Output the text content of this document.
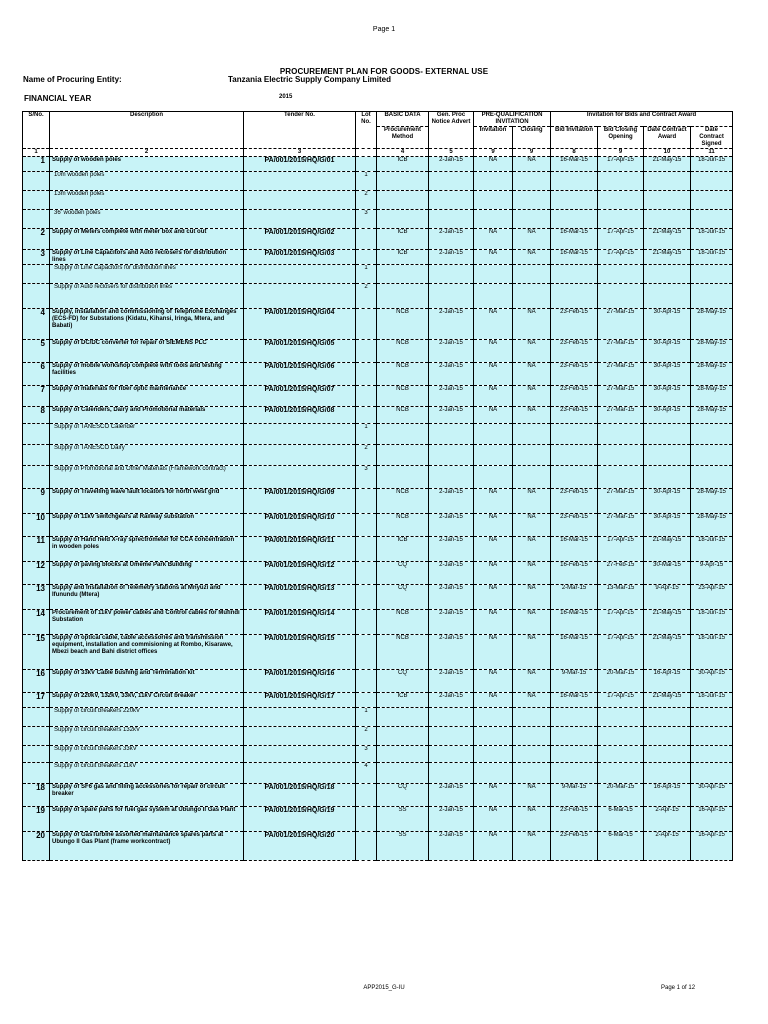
Page 1
PROCUREMENT PLAN FOR GOODS- EXTERNAL USE
Name of Procuring Entity:	Tanzania Electric Supply Company Limited
FINANCIAL YEAR	2015
S/No.	Description	Tender No.	Lot No.	BASIC DATA	Gen. Proc Notice Advert	PRE-QUALIFICATION INVITATION		Invitation for Bids and Contract Award			
				Procurement Method		Invitation	Closing	Bid Invitation	Bid Closing Opening	Date Contract Award	Date Contract Signed
1	2	3		4	5	9	9	8	9	10	11
1	Supply of wooden poles	PA/001/2015/HQ/G/01		ICB	2-Jan-15	NA	NA	16-Mar-15	17-Apr-15	21-May-15	18-Jun-15
	10m wooden poles		1								
	13m wooden poles		2								
	36' wooden poles		3								
2	Supply of Meters complete with meter box and cut out	PA/001/2015/HQ/G/02		ICB	2-Jan-15	NA	NA	16-Mar-15	17-Apr-15	21-May-15	18-Jun-15
3	Supply of Line Capacitors and Auto reclosers for distribution lines	PA/001/2015/HQ/G/03		ICB	2-Jan-15	NA	NA	16-Mar-15	17-Apr-15	21-May-15	18-Jun-15
	Supply of Line Capacitors for distribution lines		1								
	Supply of Auto reclosers for distribution lines		2								
4	Supply, installation and commissioning of Telephone Exchanges (ECS-FD) for Substations (Kidatu, Kihansi, Iringa, Mtera, and Babati)	PA/001/2015/HQ/G/04		NCB	2-Jan-15	NA	NA	23-Feb-15	27-Mar-15	30-Apr-15	28-May-15
5	Supply of DC/DC converter for repair of SIEMENS PLC	PA/001/2015/HQ/G/05		NCB	2-Jan-15	NA	NA	23-Feb-15	27-Mar-15	30-Apr-15	28-May-15
6	Supply of mobile workshop complete with tools and testing facilities	PA/001/2015/HQ/G/06		NCB	2-Jan-15	NA	NA	23-Feb-15	27-Mar-15	30-Apr-15	28-May-15
7	Supply of materials for fiber optic maintenance	PA/001/2015/HQ/G/07		NCB	2-Jan-15	NA	NA	23-Feb-15	27-Mar-15	30-Apr-15	28-May-15
8	Supply of Calenders, Dairy and Promotional materials	PA/001/2015/HQ/G/08		NCB	2-Jan-15	NA	NA	23-Feb-15	27-Mar-15	30-Apr-15	28-May-15
	Supply of TANESCO Calender		1								
	Supply of TANESCO Dairy		2								
	Supply of Promotional and Other Materials (Framework contract)		3								
9	Supply of Travelling wave fault locators for north west grid	PA/001/2015/HQ/G/09		NCB	2-Jan-15	NA	NA	23-Feb-15	27-Mar-15	30-Apr-15	28-May-15
10	Supply of 11kV switchgears at Railway substation	PA/001/2015/HQ/G/10		NCB	2-Jan-15	NA	NA	23-Feb-15	27-Mar-15	30-Apr-15	28-May-15
11	Supply of Hand held X-ray sprectrometer for CCA concentration in wooden poles	PA/001/2015/HQ/G/11		ICB	2-Jan-15	NA	NA	16-Mar-15	17-Apr-15	21-May-15	18-Jun-15
12	Supply of paving blocks at Umeme Park Building	PA/001/2015/HQ/G/12		CQ	2-Jan-15	NA	NA	16-Feb-15	27-Feb-15	30-Mar-15	9-Apr-15
13	Supply and Installation of Telemetry stations at Mnyuzi and Ifunundu (Mtera)	PA/001/2015/HQ/G/13		CQ	2-Jan-15	NA	NA	2-Mar-15	13-Mar-15	9-Apr-15	23-Apr-15
14	Procurement of 11kV power cables and Control cables for Mufindi Substation	PA/001/2015/HQ/G/14		NCB	2-Jan-15	NA	NA	16-Mar-15	17-Apr-15	21-May-15	18-Jun-15
15	Supply of optical cable, cable accessories and transmission equipment, installation and commisioning at Rombo, Kisarawe, Mbezi beach and Bahi district offices	PA/001/2015/HQ/G/15		NCB	2-Jan-15	NA	NA	16-Mar-15	17-Apr-15	21-May-15	18-Jun-15
16	Supply of 33kV Cable bushing and Termination kit	PA/001/2015/HQ/G/16		CQ	2-Jan-15	NA	NA	9-Mar-15	20-Mar-15	16-Apr-15	30-Apr-15
17	Supply of 220kV, 132kV, 33kV, 11kV Circuit breaker	PA/001/2015/HQ/G/17		ICB	2-Jan-15	NA	NA	16-Mar-15	17-Apr-15	21-May-15	18-Jun-15
	Supply of circuit breakers 220kV		1								
	Supply of circuit breakers 132kV		2								
	Supply of circuit breakers 33kV		3								
	Supply of circuit breakers 11kV		4								
18	Supply of SF6 gas and filling accessories for repair of circuit breaker	PA/001/2015/HQ/G/18		CQ	2-Jan-15	NA	NA	9-Mar-15	20-Mar-15	16-Apr-15	30-Apr-15
19	Supply of spare parts for fuel gas system at Ubungo II Gas Plant	PA/001/2015/HQ/G/19		SS	2-Jan-15	NA	NA	23-Feb-15	6-Mar-15	2-Apr-15	16-Apr-15
20	Supply of GasTurbine assorted maintanance spares parts at Ubungo II Gas Plant (frame workcontract)	PA/001/2015/HQ/G/20		SS	2-Jan-15	NA	NA	23-Feb-15	6-Mar-15	2-Apr-15	16-Apr-15
APP2015_G-IU	Page 1 of 12
